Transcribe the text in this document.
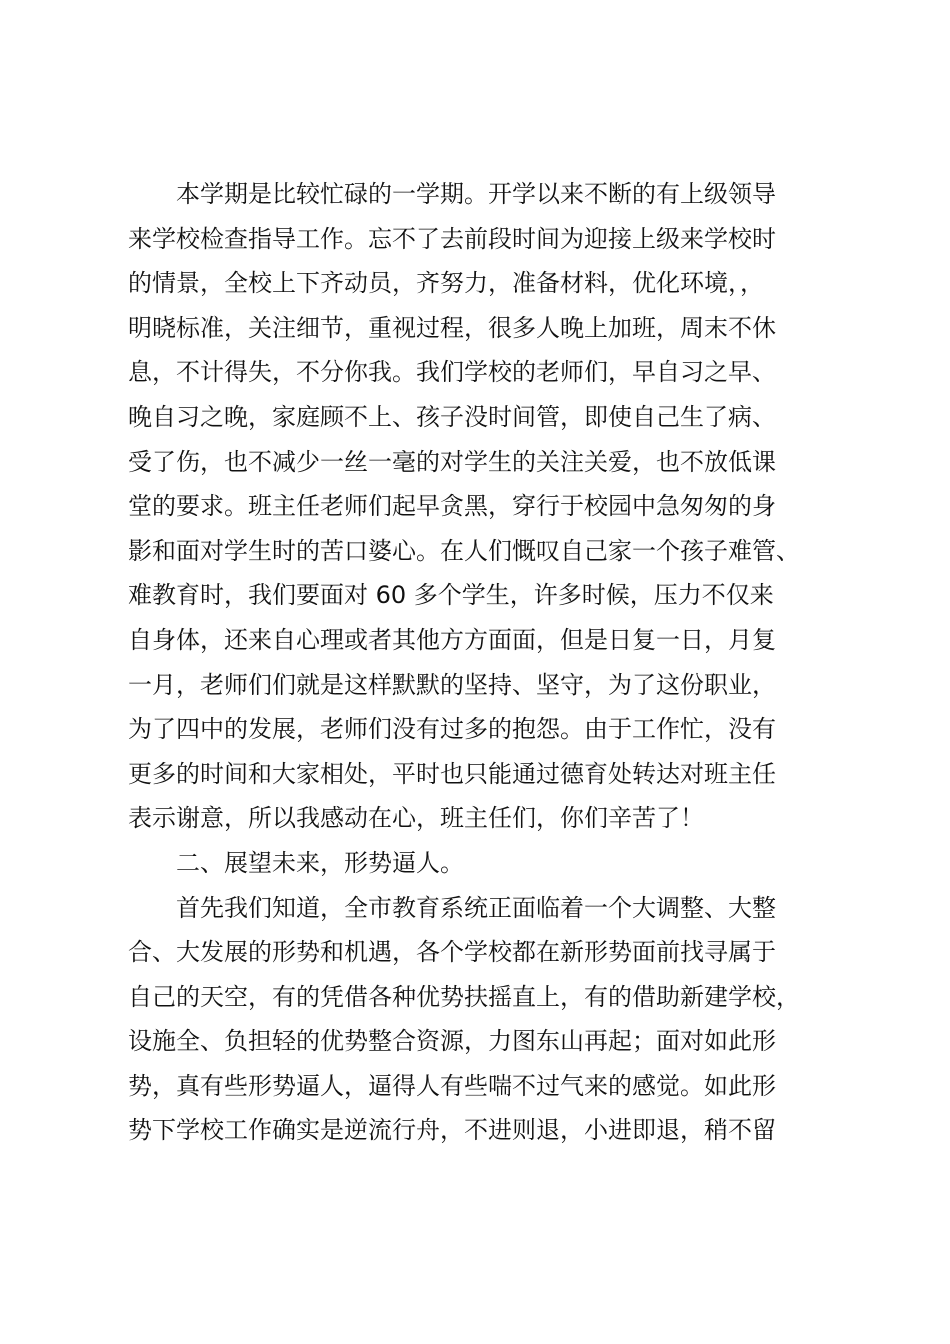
本学期是比较忙碌的一学期。开学以来不断的有上级领导
来学校检查指导工作。忘不了去前段时间为迎接上级来学校时
的情景，全校上下齐动员，齐努力，准备材料，优化环境，，
明晓标准，关注细节，重视过程，很多人晚上加班，周末不休
息，不计得失，不分你我。我们学校的老师们，早自习之早、
晚自习之晚，家庭顾不上、孩子没时间管，即使自己生了病、
受了伤，也不减少一丝一毫的对学生的关注关爱，也不放低课
堂的要求。班主任老师们起早贪黑，穿行于校园中急匆匆的身
影和面对学生时的苦口婆心。在人们慨叹自己家一个孩子难管、
难教育时，我们要面对 60 多个学生，许多时候，压力不仅来
自身体，还来自心理或者其他方方面面，但是日复一日，月复
一月，老师们们就是这样默默的坚持、坚守，为了这份职业，
为了四中的发展，老师们没有过多的抱怨。由于工作忙，没有
更多的时间和大家相处，平时也只能通过德育处转达对班主任
表示谢意，所以我感动在心，班主任们，你们辛苦了！
二、展望未来，形势逼人。
首先我们知道，全市教育系统正面临着一个大调整、大整
合、大发展的形势和机遇，各个学校都在新形势面前找寻属于
自己的天空，有的凭借各种优势扶摇直上，有的借助新建学校，
设施全、负担轻的优势整合资源，力图东山再起；面对如此形
势，真有些形势逼人，逼得人有些喘不过气来的感觉。如此形
势下学校工作确实是逆流行舟，不进则退，小进即退，稍不留
